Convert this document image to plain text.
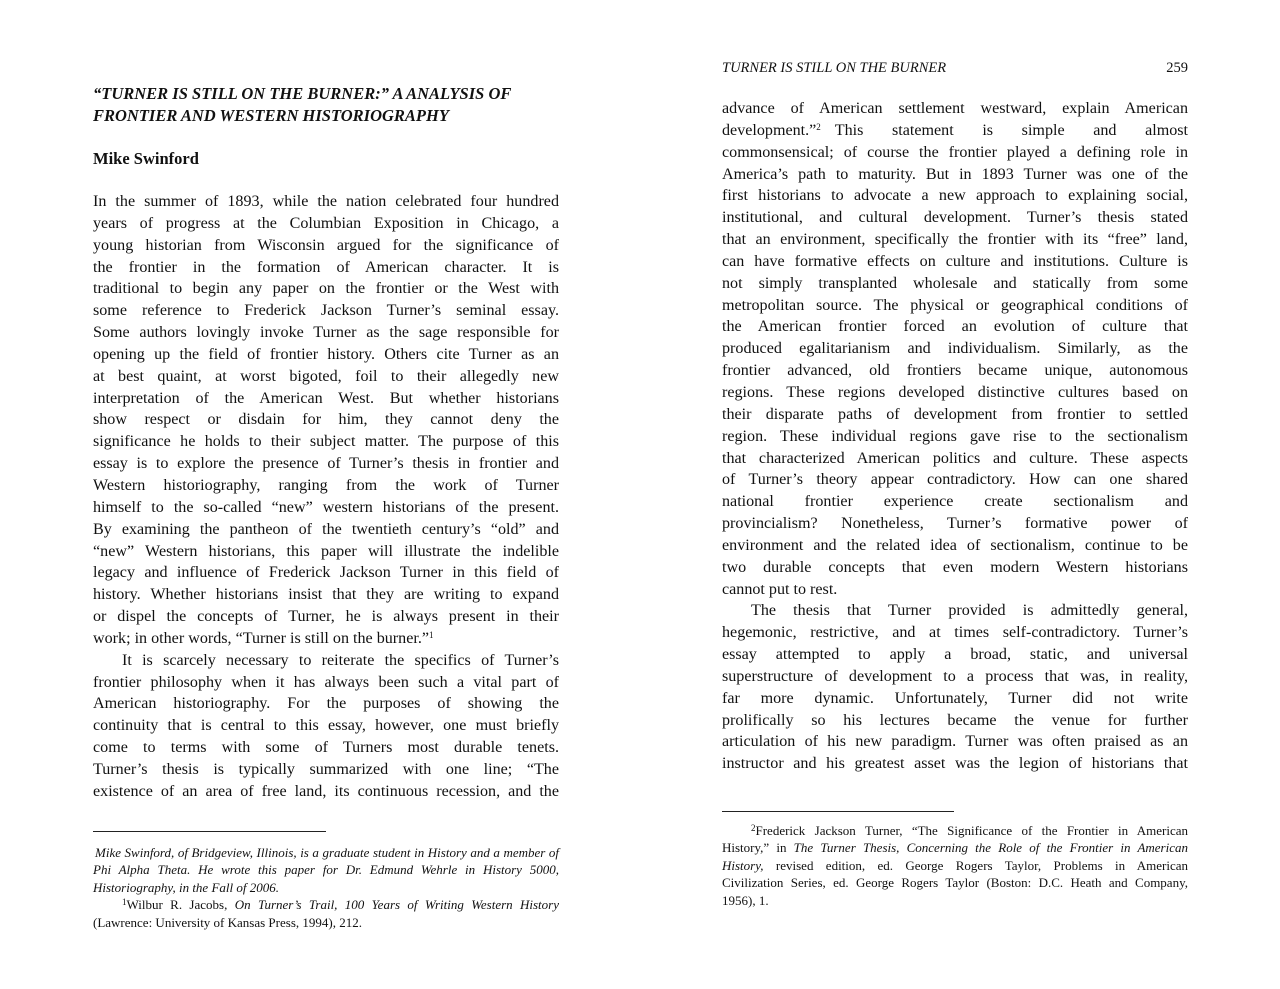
“TURNER IS STILL ON THE BURNER:” A ANALYSIS OF
FRONTIER AND WESTERN HISTORIOGRAPHY
Mike Swinford
In the summer of 1893, while the nation celebrated four hundred
years of progress at the Columbian Exposition in Chicago, a
young historian from Wisconsin argued for the significance of
the frontier in the formation of American character. It is
traditional to begin any paper on the frontier or the West with
some reference to Frederick Jackson Turner’s seminal essay.
Some authors lovingly invoke Turner as the sage responsible for
opening up the field of frontier history. Others cite Turner as an
at best quaint, at worst bigoted, foil to their allegedly new
interpretation of the American West. But whether historians
show respect or disdain for him, they cannot deny the
significance he holds to their subject matter. The purpose of this
essay is to explore the presence of Turner’s thesis in frontier and
Western historiography, ranging from the work of Turner
himself to the so-called “new” western historians of the present.
By examining the pantheon of the twentieth century’s “old” and
“new” Western historians, this paper will illustrate the indelible
legacy and influence of Frederick Jackson Turner in this field of
history. Whether historians insist that they are writing to expand
or dispel the concepts of Turner, he is always present in their
work; in other words, “Turner is still on the burner.”$^1$
It is scarcely necessary to reiterate the specifics of Turner’s
frontier philosophy when it has always been such a vital part of
American historiography. For the purposes of showing the
continuity that is central to this essay, however, one must briefly
come to terms with some of Turners most durable tenets.
Turner’s thesis is typically summarized with one line; “The
existence of an area of free land, its continuous recession, and the
Mike Swinford, of Bridgeview, Illinois, is a graduate student in History and a member of
Phi Alpha Theta. He wrote this paper for Dr. Edmund Wehrle in History 5000,
Historiography, in the Fall of 2006.
$^1$Wilbur R. Jacobs, On Turner’s Trail, 100 Years of Writing Western History
(Lawrence: University of Kansas Press, 1994), 212.
TURNER IS STILL ON THE BURNER	259
advance of American settlement westward, explain American
development.”$^2$ This statement is simple and almost
commonsensical; of course the frontier played a defining role in
America’s path to maturity. But in 1893 Turner was one of the
first historians to advocate a new approach to explaining social,
institutional, and cultural development. Turner’s thesis stated
that an environment, specifically the frontier with its “free” land,
can have formative effects on culture and institutions. Culture is
not simply transplanted wholesale and statically from some
metropolitan source. The physical or geographical conditions of
the American frontier forced an evolution of culture that
produced egalitarianism and individualism. Similarly, as the
frontier advanced, old frontiers became unique, autonomous
regions. These regions developed distinctive cultures based on
their disparate paths of development from frontier to settled
region. These individual regions gave rise to the sectionalism
that characterized American politics and culture. These aspects
of Turner’s theory appear contradictory. How can one shared
national frontier experience create sectionalism and
provincialism? Nonetheless, Turner’s formative power of
environment and the related idea of sectionalism, continue to be
two durable concepts that even modern Western historians
cannot put to rest.
The thesis that Turner provided is admittedly general,
hegemonic, restrictive, and at times self-contradictory. Turner’s
essay attempted to apply a broad, static, and universal
superstructure of development to a process that was, in reality,
far more dynamic. Unfortunately, Turner did not write
prolifically so his lectures became the venue for further
articulation of his new paradigm. Turner was often praised as an
instructor and his greatest asset was the legion of historians that
$^2$Frederick Jackson Turner, “The Significance of the Frontier in American
History,” in The Turner Thesis, Concerning the Role of the Frontier in American
History, revised edition, ed. George Rogers Taylor, Problems in American
Civilization Series, ed. George Rogers Taylor (Boston: D.C. Heath and Company,
1956), 1.
